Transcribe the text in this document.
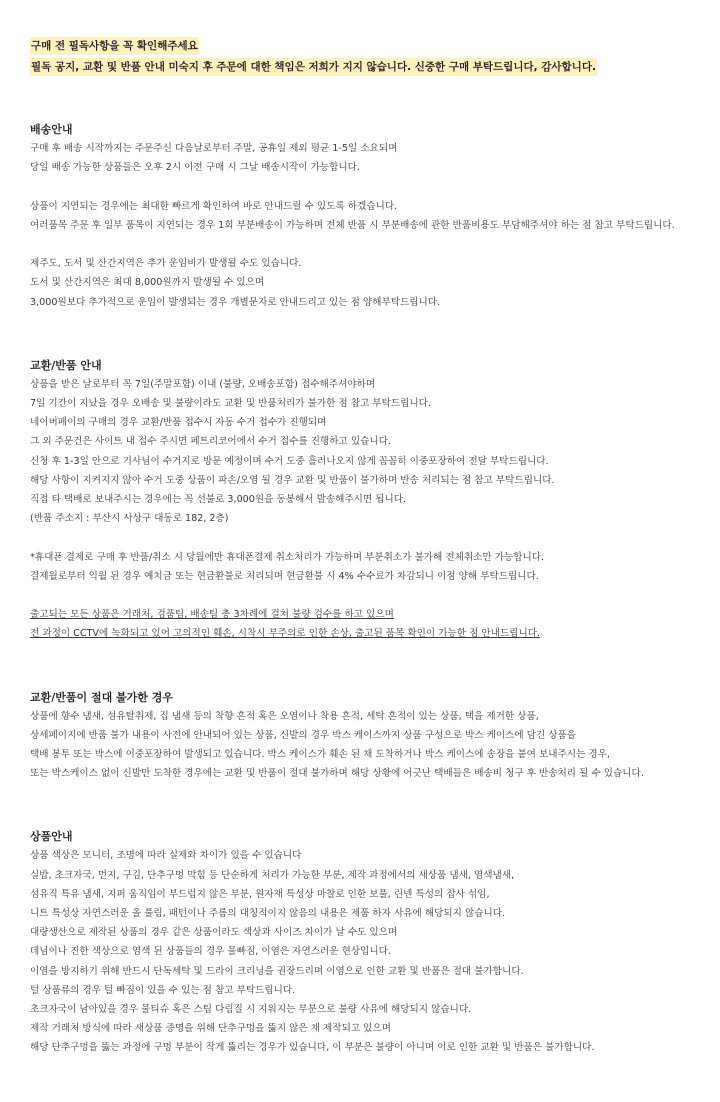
구매 전 필독사항을 꼭 확인해주세요
필독 공지, 교환 및 반품 안내 미숙지 후 주문에 대한 책임은 저희가 지지 않습니다. 신중한 구매 부탁드립니다, 감사합니다.
배송안내
구매 후 배송 시작까지는 주문주신 다음날로부터 주말, 공휴일 제외 평균 1-5일 소요되며
당일 배송 가능한 상품들은 오후 2시 이전 구매 시 그날 배송시작이 가능합니다.
상품이 지연되는 경우에는 최대한 빠르게 확인하여 바로 안내드릴 수 있도록 하겠습니다.
여러품목 주문 후 일부 품목이 지연되는 경우 1회 부분배송이 가능하며 전체 반품 시 부분배송에 관한 반품비용도 부담해주셔야 하는 점 참고 부탁드립니다.
제주도, 도서 및 산간지역은 추가 운임비가 발생될 수도 있습니다.
도서 및 산간지역은 최대 8,000원까지 발생될 수 있으며
3,000원보다 추가적으로 운임이 발생되는 경우 개별문자로 안내드리고 있는 점 양해부탁드립니다.
교환/반품 안내
상품을 받은 날로부터 꼭 7일(주말포함) 이내 (불량, 오배송포함) 접수해주셔야하며
7일 기간이 지났을 경우 오배송 및 불량이라도 교환 및 반품처리가 불가한 점 참고 부탁드립니다.
네이버페이의 구매의 경우 교환/반품 접수시 자동 수거 접수가 진행되며
그 외 주문건은 사이트 내 접수 주시면 페트리코어에서 수거 접수를 진행하고 있습니다.
신청 후 1-3일 안으로 기사님이 수거지로 방문 예정이며 수거 도중 흘러나오지 않게 꼼꼼히 이중포장하여 전달 부탁드립니다.
해당 사항이 지켜지지 않아 수거 도중 상품이 파손/오염 될 경우 교환 및 반품이 불가하며 반송 처리되는 점 참고 부탁드립니다.
직접 타 택배로 보내주시는 경우에는 꼭 선불로 3,000원을 동봉해서 발송해주시면 됩니다.
(반품 주소지 : 부산시 사상구 대동로 182, 2층)
*휴대폰 결제로 구매 후 반품/취소 시 당월에만 휴대폰결제 취소처리가 가능하며 부분취소가 불가해 전체취소만 가능합니다.
결제월로부터 익월 된 경우 예치금 또는 현금환불로 처리되며 현금환불 시 4% 수수료가 차감되니 이점 양해 부탁드립니다.
출고되는 모든 상품은 거래처, 검품팀, 배송팀 총 3차례에 걸쳐 불량 검수를 하고 있으며
전 과정이 CCTV에 녹화되고 있어 고의적인 훼손, 시착시 부주의로 인한 손상, 출고된 품목 확인이 가능한 점 안내드립니다.
교환/반품이 절대 불가한 경우
상품에 향수 냄새, 섬유탈취제, 집 냄새 등의 착향 흔적 혹은 오염이나 착용 흔적, 세탁 흔적이 있는 상품, 택을 제거한 상품,
상세페이지에 반품 불가 내용이 사전에 안내되어 있는 상품, 신발의 경우 박스 케이스까지 상품 구성으로 박스 케이스에 담긴 상품을
택배 봉투 또는 박스에 이중포장하여 발생되고 있습니다. 박스 케이스가 훼손 된 채 도착하거나 박스 케이스에 송장을 붙여 보내주시는 경우,
또는 박스케이스 없이 신발만 도착한 경우에는 교환 및 반품이 절대 불가하며 해당 상황에 어긋난 택배들은 배송비 청구 후 반송처리 될 수 있습니다.
상품안내
상품 색상은 모니터, 조명에 따라 실제와 차이가 있을 수 있습니다
실밥, 초크자국, 먼지, 구김, 단추구멍 막힘 등 단순하게 처리가 가능한 부분, 제작 과정에서의 새상품 냄새, 염색냄새,
섬유직 특유 냄새, 지퍼 움직임이 부드럽지 않은 부분, 원자재 특성상 마찰로 인한 보풀, 린넨 특성의 잡사 섞임,
니트 특성상 자연스러운 올 풀림, 패턴이나 주름의 대칭적이지 않음의 내용은 제품 하자 사유에 해당되지 않습니다.
대량생산으로 제작된 상품의 경우 같은 상품이라도 색상과 사이즈 차이가 날 수도 있으며
데님이나 진한 색상으로 염색 된 상품들의 경우 물빠짐, 이염은 자연스러운 현상입니다.
이염을 방지하기 위해 반드시 단독세탁 및 드라이 크리닝을 권장드리며 이염으로 인한 교환 및 반품은 절대 불가합니다.
털 상품류의 경우 털 빠짐이 있을 수 있는 점 참고 부탁드립니다.
초크자국이 남아있을 경우 물티슈 혹은 스팀 다림질 시 지워지는 부분으로 불량 사유에 해당되지 않습니다.
제작 거래처 방식에 따라 새상품 증명을 위해 단추구멍을 뚫지 않은 채 제작되고 있으며
해당 단추구멍을 뚫는 과정에 구멍 부분이 작게 뚫리는 경우가 있습니다, 이 부분은 불량이 아니며 이로 인한 교환 및 반품은 불가합니다.
